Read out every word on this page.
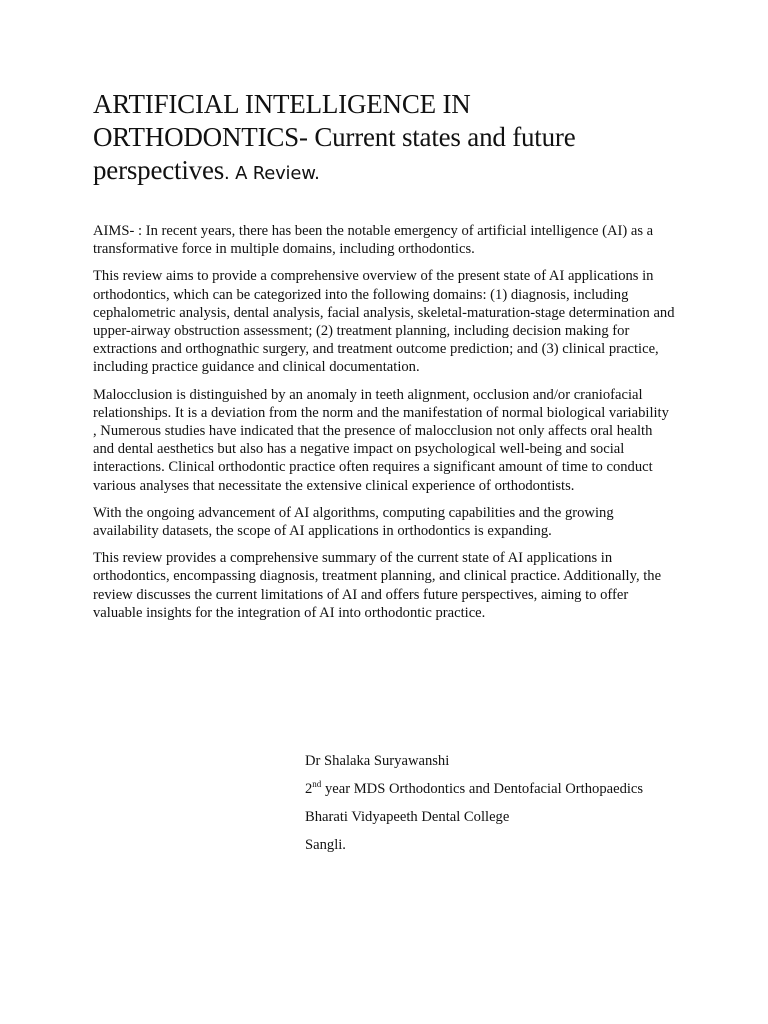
ARTIFICIAL INTELLIGENCE IN
ORTHODONTICS- Current states and future
perspectives. A Review.

AIMS- : In recent years, there has been the notable emergency of artificial intelligence (AI) as a transformative force in multiple domains, including orthodontics.

This review aims to provide a comprehensive overview of the present state of AI applications in orthodontics, which can be categorized into the following domains: (1) diagnosis, including cephalometric analysis, dental analysis, facial analysis, skeletal-maturation-stage determination and upper-airway obstruction assessment; (2) treatment planning, including decision making for extractions and orthognathic surgery, and treatment outcome prediction; and (3) clinical practice, including practice guidance and clinical documentation.

Malocclusion is distinguished by an anomaly in teeth alignment, occlusion and/or craniofacial relationships. It is a deviation from the norm and the manifestation of normal biological variability , Numerous studies have indicated that the presence of malocclusion not only affects oral health and dental aesthetics but also has a negative impact on psychological well-being and social interactions. Clinical orthodontic practice often requires a significant amount of time to conduct various analyses that necessitate the extensive clinical experience of orthodontists.

With the ongoing advancement of AI algorithms, computing capabilities and the growing availability datasets, the scope of AI applications in orthodontics is expanding.

This review provides a comprehensive summary of the current state of AI applications in orthodontics, encompassing diagnosis, treatment planning, and clinical practice. Additionally, the review discusses the current limitations of AI and offers future perspectives, aiming to offer valuable insights for the integration of AI into orthodontic practice.

Dr Shalaka Suryawanshi

2nd year MDS Orthodontics and Dentofacial Orthopaedics

Bharati Vidyapeeth Dental College

Sangli.
